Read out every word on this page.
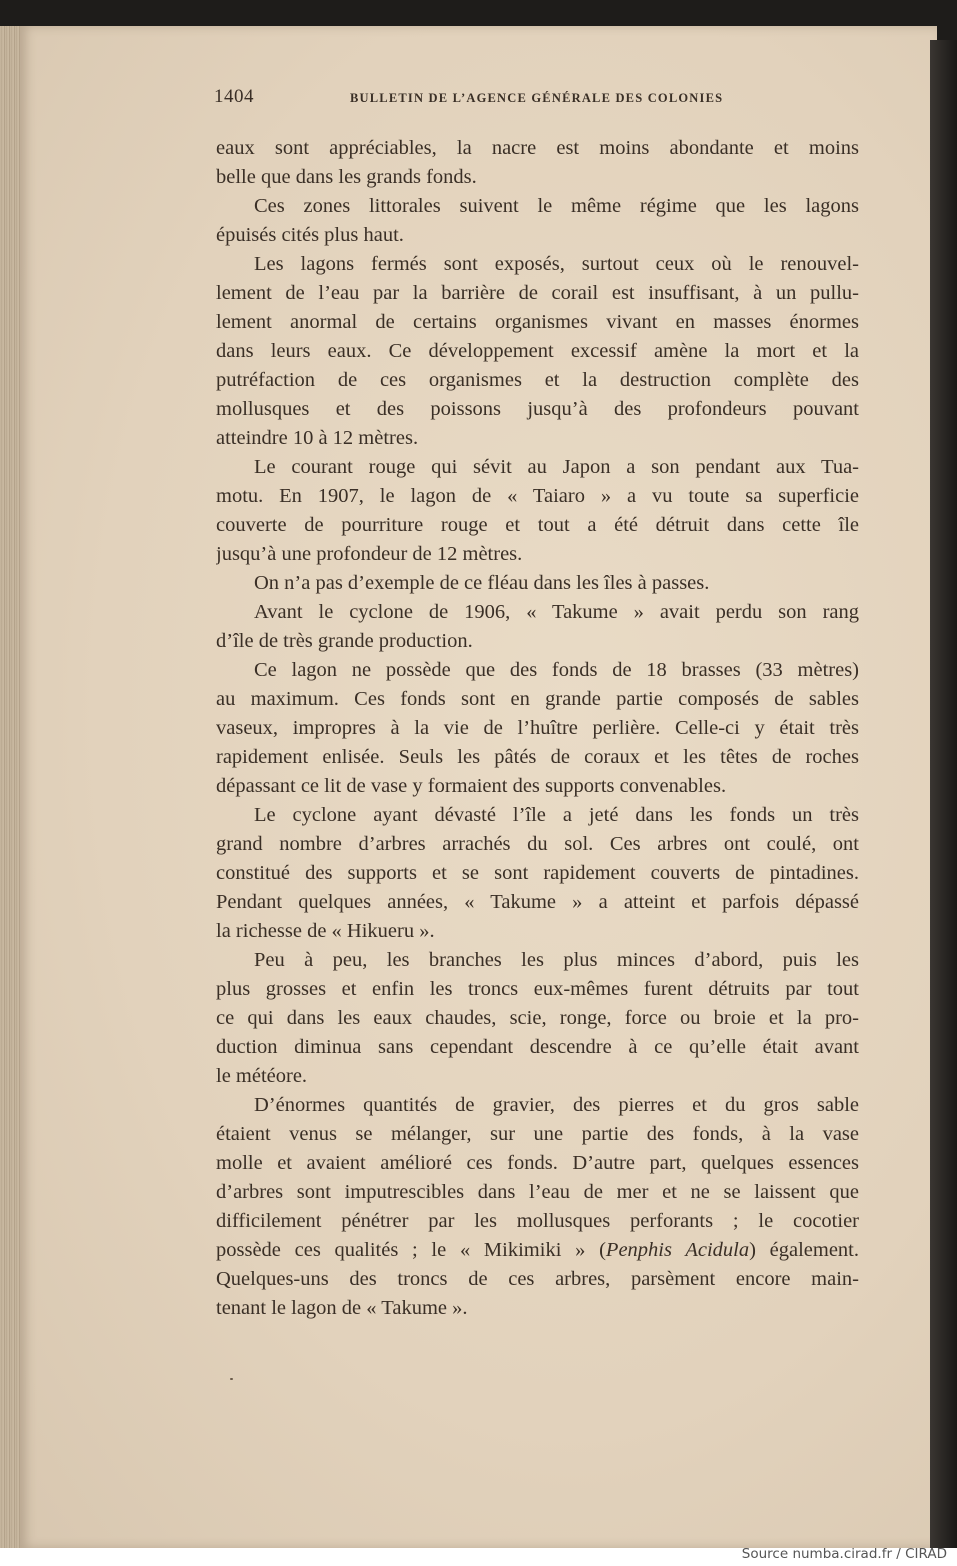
1404	BULLETIN DE L’AGENCE GÉNÉRALE DES COLONIES
eaux sont appréciables, la nacre est moins abondante et moins
belle que dans les grands fonds.
Ces zones littorales suivent le même régime que les lagons
épuisés cités plus haut.
Les lagons fermés sont exposés, surtout ceux où le renouvel-
lement de l’eau par la barrière de corail est insuffisant, à un pullu-
lement anormal de certains organismes vivant en masses énormes
dans leurs eaux. Ce développement excessif amène la mort et la
putréfaction de ces organismes et la destruction complète des
mollusques et des poissons jusqu’à des profondeurs pouvant
atteindre 10 à 12 mètres.
Le courant rouge qui sévit au Japon a son pendant aux Tua-
motu. En 1907, le lagon de « Taiaro » a vu toute sa superficie
couverte de pourriture rouge et tout a été détruit dans cette île
jusqu’à une profondeur de 12 mètres.
On n’a pas d’exemple de ce fléau dans les îles à passes.
Avant le cyclone de 1906, « Takume » avait perdu son rang
d’île de très grande production.
Ce lagon ne possède que des fonds de 18 brasses (33 mètres)
au maximum. Ces fonds sont en grande partie composés de sables
vaseux, impropres à la vie de l’huître perlière. Celle-ci y était très
rapidement enlisée. Seuls les pâtés de coraux et les têtes de roches
dépassant ce lit de vase y formaient des supports convenables.
Le cyclone ayant dévasté l’île a jeté dans les fonds un très
grand nombre d’arbres arrachés du sol. Ces arbres ont coulé, ont
constitué des supports et se sont rapidement couverts de pintadines.
Pendant quelques années, « Takume » a atteint et parfois dépassé
la richesse de « Hikueru ».
Peu à peu, les branches les plus minces d’abord, puis les
plus grosses et enfin les troncs eux-mêmes furent détruits par tout
ce qui dans les eaux chaudes, scie, ronge, force ou broie et la pro-
duction diminua sans cependant descendre à ce qu’elle était avant
le météore.
D’énormes quantités de gravier, des pierres et du gros sable
étaient venus se mélanger, sur une partie des fonds, à la vase
molle et avaient amélioré ces fonds. D’autre part, quelques essences
d’arbres sont imputrescibles dans l’eau de mer et ne se laissent que
difficilement pénétrer par les mollusques perforants ; le cocotier
possède ces qualités ; le « Mikimiki » (Penphis Acidula) également.
Quelques-uns des troncs de ces arbres, parsèment encore main-
tenant le lagon de « Takume ».
Source numba.cirad.fr / CIRAD
